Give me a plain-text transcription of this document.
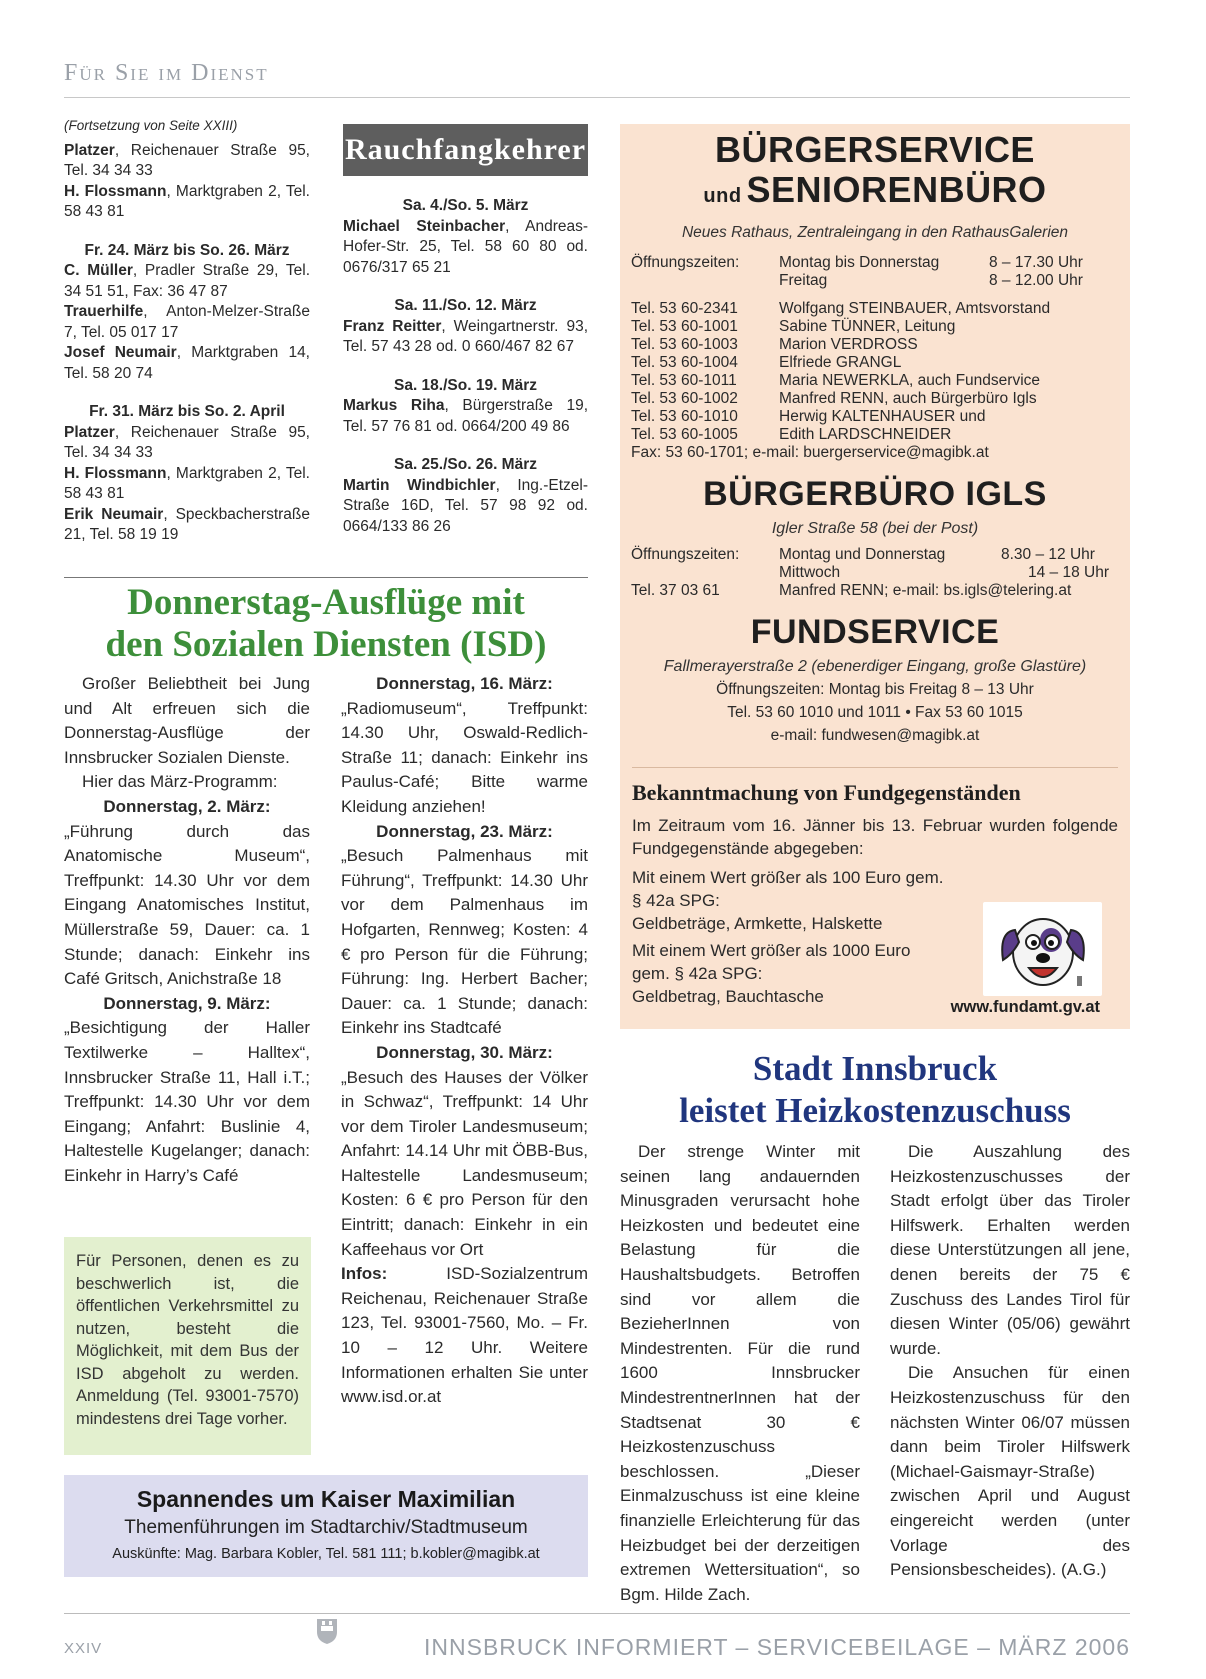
Für Sie im Dienst

(Fortsetzung von Seite XXIII)

Platzer, Reichenauer Straße 95, Tel. 34 34 33

H. Flossmann, Marktgraben 2, Tel. 58 43 81

Fr. 24. März bis So. 26. März

C. Müller, Pradler Straße 29, Tel. 34 51 51, Fax: 36 47 87

Trauerhilfe, Anton-Melzer-Straße 7, Tel. 05 017 17

Josef Neumair, Marktgraben 14, Tel. 58 20 74

Fr. 31. März bis So. 2. April

Platzer, Reichenauer Straße 95, Tel. 34 34 33

H. Flossmann, Marktgraben 2, Tel. 58 43 81

Erik Neumair, Speckbacherstraße 21, Tel. 58 19 19

Rauchfangkehrer

Sa. 4./So. 5. März

Michael Steinbacher, Andreas-Hofer-Str. 25, Tel. 58 60 80 od. 0676/317 65 21

Sa. 11./So. 12. März

Franz Reitter, Weingartnerstr. 93, Tel. 57 43 28 od. 0 660/467 82 67

Sa. 18./So. 19. März

Markus Riha, Bürgerstraße 19, Tel. 57 76 81 od. 0664/200 49 86

Sa. 25./So. 26. März

Martin Windbichler, Ing.-Etzel-Straße 16D, Tel. 57 98 92 od. 0664/133 86 26

Donnerstag-Ausflüge mit
den Sozialen Diensten (ISD)

Großer Beliebtheit bei Jung und Alt erfreuen sich die Donnerstag-Ausflüge der Innsbrucker Sozialen Dienste.

Hier das März-Programm:

Donnerstag, 2. März:

„Führung durch das Anatomische Museum“, Treffpunkt: 14.30 Uhr vor dem Eingang Anatomisches Institut, Müllerstraße 59, Dauer: ca. 1 Stunde; danach: Einkehr ins Café Gritsch, Anichstraße 18

Donnerstag, 9. März:

„Besichtigung der Haller Textilwerke – Halltex“, Innsbrucker Straße 11, Hall i.T.; Treffpunkt: 14.30 Uhr vor dem Eingang; Anfahrt: Buslinie 4, Haltestelle Kugelanger; danach: Einkehr in Harry’s Café

Donnerstag, 16. März:

„Radiomuseum“, Treffpunkt: 14.30 Uhr, Oswald-Redlich-Straße 11; danach: Einkehr ins Paulus-Café; Bitte warme Kleidung anziehen!

Donnerstag, 23. März:

„Besuch Palmenhaus mit Führung“, Treffpunkt: 14.30 Uhr vor dem Palmenhaus im Hofgarten, Rennweg; Kosten: 4 € pro Person für die Führung; Führung: Ing. Herbert Bacher; Dauer: ca. 1 Stunde; danach: Einkehr ins Stadtcafé

Donnerstag, 30. März:

„Besuch des Hauses der Völker in Schwaz“, Treffpunkt: 14 Uhr vor dem Tiroler Landesmuseum; Anfahrt: 14.14 Uhr mit ÖBB-Bus, Haltestelle Landesmuseum; Kosten: 6 € pro Person für den Eintritt; danach: Einkehr in ein Kaffeehaus vor Ort

Infos: ISD-Sozialzentrum Reichenau, Reichenauer Straße 123, Tel. 93001-7560, Mo. – Fr. 10 – 12 Uhr. Weitere Informationen erhalten Sie unter www.isd.or.at

Für Personen, denen es zu beschwerlich ist, die öffentlichen Verkehrsmittel zu nutzen, besteht die Möglichkeit, mit dem Bus der ISD abgeholt zu werden. Anmeldung (Tel. 93001-7570) mindestens drei Tage vorher.
Spannendes um Kaiser Maximilian
Themenführungen im Stadtarchiv/Stadtmuseum
Auskünfte: Mag. Barbara Kobler, Tel. 581 111; b.kobler@magibk.at
BÜRGERSERVICE
und SENIORENBÜRO
Neues Rathaus, Zentraleingang in den RathausGalerien
Öffnungszeiten:	Montag bis Donnerstag	8 – 17.30 Uhr
Freitag	8 – 12.00 Uhr
Tel. 53 60-2341	Wolfgang STEINBAUER, Amtsvorstand
Tel. 53 60-1001	Sabine TÜNNER, Leitung
Tel. 53 60-1003	Marion VERDROSS
Tel. 53 60-1004	Elfriede GRANGL
Tel. 53 60-1011	Maria NEWERKLA, auch Fundservice
Tel. 53 60-1002	Manfred RENN, auch Bürgerbüro Igls
Tel. 53 60-1010	Herwig KALTENHAUSER und
Tel. 53 60-1005	Edith LARDSCHNEIDER
Fax: 53 60-1701; e-mail: buergerservice@magibk.at
BÜRGERBÜRO IGLS
Igler Straße 58 (bei der Post)
Öffnungszeiten:	Montag und Donnerstag	8.30 – 12 Uhr
Mittwoch	14 – 18 Uhr
Tel. 37 03 61	Manfred RENN; e-mail: bs.igls@telering.at
FUNDSERVICE
Fallmerayerstraße 2 (ebenerdiger Eingang, große Glastüre)
Öffnungszeiten: Montag bis Freitag 8 – 13 Uhr
Tel. 53 60 1010 und 1011 • Fax 53 60 1015
e-mail: fundwesen@magibk.at
Bekanntmachung von Fundgegenständen

Im Zeitraum vom 16. Jänner bis 13. Februar wurden folgende Fundgegenstände abgegeben:

Mit einem Wert größer als 100 Euro gem.

§ 42a SPG:

Geldbeträge, Armkette, Halskette

Mit einem Wert größer als 1000 Euro

gem. § 42a SPG:

Geldbetrag, Bauchtasche

www.fundamt.gv.at
Stadt Innsbruck
leistet Heizkostenzuschuss

Der strenge Winter mit seinen lang andauernden Minusgraden verursacht hohe Heizkosten und bedeutet eine Belastung für die Haushaltsbudgets. Betroffen sind vor allem die BezieherInnen von Mindestrenten. Für die rund 1600 Innsbrucker MindestrentnerInnen hat der Stadtsenat 30 € Heizkostenzuschuss beschlossen. „Dieser Einmalzuschuss ist eine kleine finanzielle Erleichterung für das Heizbudget bei der derzeitigen extremen Wettersituation“, so Bgm. Hilde Zach.

Die Auszahlung des Heizkostenzuschusses der Stadt erfolgt über das Tiroler Hilfswerk. Erhalten werden diese Unterstützungen all jene, denen bereits der 75 € Zuschuss des Landes Tirol für diesen Winter (05/06) gewährt wurde.

Die Ansuchen für einen Heizkostenzuschuss für den nächsten Winter 06/07 müssen dann beim Tiroler Hilfswerk (Michael-Gaismayr-Straße) zwischen April und August eingereicht werden (unter Vorlage des Pensionsbescheides). (A.G.)

XXIV	INNSBRUCK INFORMIERT – SERVICEBEILAGE – MÄRZ 2006
